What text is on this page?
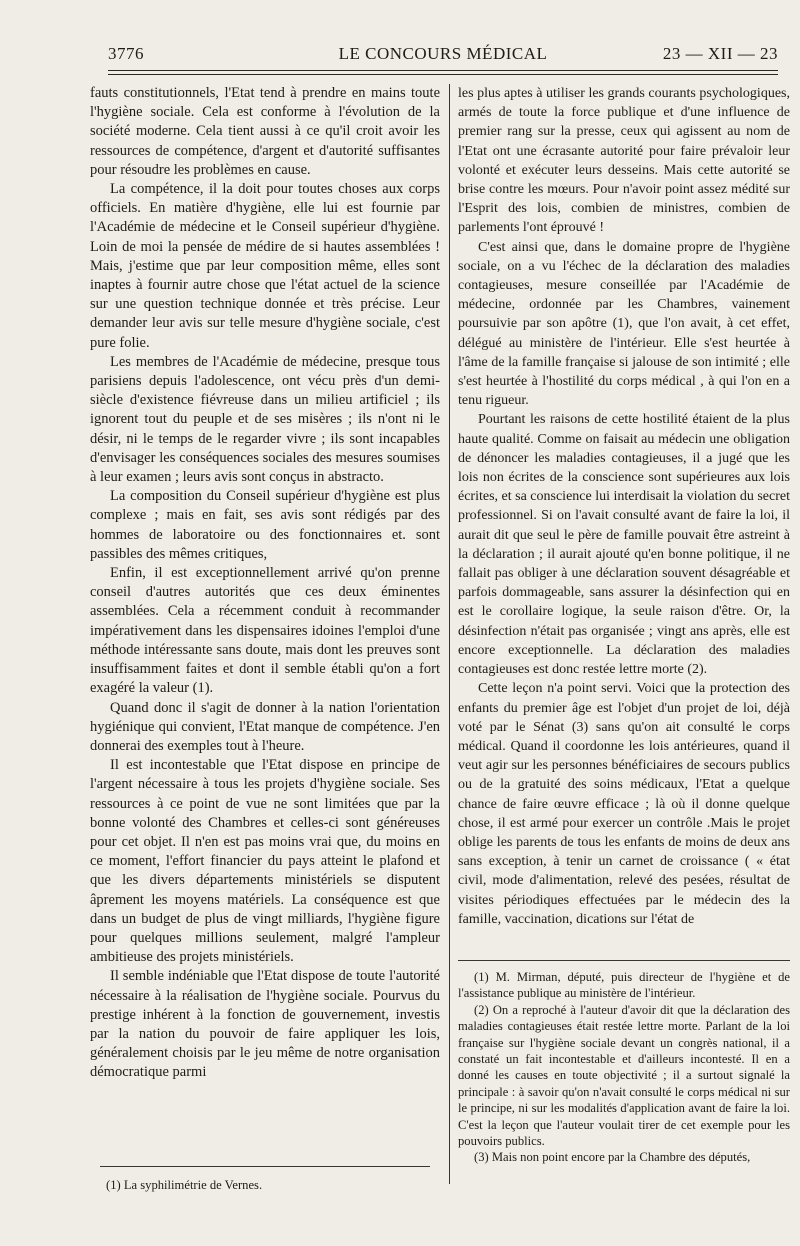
3776	LE CONCOURS MÉDICAL	23 — XII — 23

fauts constitutionnels, l'Etat tend à prendre en mains toute l'hygiène sociale. Cela est conforme à l'évolution de la société moderne. Cela tient aussi à ce qu'il croit avoir les ressources de compétence, d'argent et d'autorité suffisantes pour résoudre les problèmes en cause.

La compétence, il la doit pour toutes choses aux corps officiels. En matière d'hygiène, elle lui est fournie par l'Académie de médecine et le Conseil supérieur d'hygiène. Loin de moi la pensée de médire de si hautes assemblées ! Mais, j'estime que par leur composition même, elles sont inaptes à fournir autre chose que l'état actuel de la science sur une question technique donnée et très précise. Leur demander leur avis sur telle mesure d'hygiène sociale, c'est pure folie.

Les membres de l'Académie de médecine, presque tous parisiens depuis l'adolescence, ont vécu près d'un demi-siècle d'existence fiévreuse dans un milieu artificiel ; ils ignorent tout du peuple et de ses misères ; ils n'ont ni le désir, ni le temps de le regarder vivre ; ils sont incapables d'envisager les conséquences sociales des mesures soumises à leur examen ; leurs avis sont conçus in abstracto.

La composition du Conseil supérieur d'hygiène est plus complexe ; mais en fait, ses avis sont rédigés par des hommes de laboratoire ou des fonctionnaires et. sont passibles des mêmes critiques,

Enfin, il est exceptionnellement arrivé qu'on prenne conseil d'autres autorités que ces deux éminentes assemblées. Cela a récemment conduit à recommander impérativement dans les dispensaires idoines l'emploi d'une méthode intéressante sans doute, mais dont les preuves sont insuffisamment faites et dont il semble établi qu'on a fort exagéré la valeur (1).

Quand donc il s'agit de donner à la nation l'orientation hygiénique qui convient, l'Etat manque de compétence. J'en donnerai des exemples tout à l'heure.

Il est incontestable que l'Etat dispose en principe de l'argent nécessaire à tous les projets d'hygiène sociale. Ses ressources à ce point de vue ne sont limitées que par la bonne volonté des Chambres et celles-ci sont généreuses pour cet objet. Il n'en est pas moins vrai que, du moins en ce moment, l'effort financier du pays atteint le plafond et que les divers départements ministériels se disputent âprement les moyens matériels. La conséquence est que dans un budget de plus de vingt milliards, l'hygiène figure pour quelques millions seulement, malgré l'ampleur ambitieuse des projets ministériels.

Il semble indéniable que l'Etat dispose de toute l'autorité nécessaire à la réalisation de l'hygiène sociale. Pourvus du prestige inhérent à la fonction de gouvernement, investis par la nation du pouvoir de faire appliquer les lois, généralement choisis par le jeu même de notre organisation démocratique parmi

les plus aptes à utiliser les grands courants psychologiques, armés de toute la force publique et d'une influence de premier rang sur la presse, ceux qui agissent au nom de l'Etat ont une écrasante autorité pour faire prévaloir leur volonté et exécuter leurs desseins. Mais cette autorité se brise contre les mœurs. Pour n'avoir point assez médité sur l'Esprit des lois, combien de ministres, combien de parlements l'ont éprouvé !

C'est ainsi que, dans le domaine propre de l'hygiène sociale, on a vu l'échec de la déclaration des maladies contagieuses, mesure conseillée par l'Académie de médecine, ordonnée par les Chambres, vainement poursuivie par son apôtre (1), que l'on avait, à cet effet, délégué au ministère de l'intérieur. Elle s'est heurtée à l'âme de la famille française si jalouse de son intimité ; elle s'est heurtée à l'hostilité du corps médical , à qui l'on en a tenu rigueur.

Pourtant les raisons de cette hostilité étaient de la plus haute qualité. Comme on faisait au médecin une obligation de dénoncer les maladies contagieuses, il a jugé que les lois non écrites de la conscience sont supérieures aux lois écrites, et sa conscience lui interdisait la violation du secret professionnel. Si on l'avait consulté avant de faire la loi, il aurait dit que seul le père de famille pouvait être astreint à la déclaration ; il aurait ajouté qu'en bonne politique, il ne fallait pas obliger à une déclaration souvent désagréable et parfois dommageable, sans assurer la désinfection qui en est le corollaire logique, la seule raison d'être. Or, la désinfection n'était pas organisée ; vingt ans après, elle est encore exceptionnelle. La déclaration des maladies contagieuses est donc restée lettre morte (2).

Cette leçon n'a point servi. Voici que la protection des enfants du premier âge est l'objet d'un projet de loi, déjà voté par le Sénat (3) sans qu'on ait consulté le corps médical. Quand il coordonne les lois antérieures, quand il veut agir sur les personnes bénéficiaires de secours publics ou de la gratuité des soins médicaux, l'Etat a quelque chance de faire œuvre efficace ; là où il donne quelque chose, il est armé pour exercer un contrôle .Mais le projet oblige les parents de tous les enfants de moins de deux ans sans exception, à tenir un carnet de croissance ( « état civil, mode d'alimentation, relevé des pesées, résultat de visites périodiques effectuées par le médecin des la famille, vaccination, dications sur l'état de

(1) M. Mirman, député, puis directeur de l'hygiène et de l'assistance publique au ministère de l'intérieur.

(2) On a reproché à l'auteur d'avoir dit que la déclaration des maladies contagieuses était restée lettre morte. Parlant de la loi française sur l'hygiène sociale devant un congrès national, il a constaté un fait incontestable et d'ailleurs incontesté. Il en a donné les causes en toute objectivité ; il a surtout signalé la principale : à savoir qu'on n'avait consulté le corps médical ni sur le principe, ni sur les modalités d'application avant de faire la loi. C'est la leçon que l'auteur voulait tirer de cet exemple pour les pouvoirs publics.

(3) Mais non point encore par la Chambre des députés,

(1) La syphilimétrie de Vernes.
